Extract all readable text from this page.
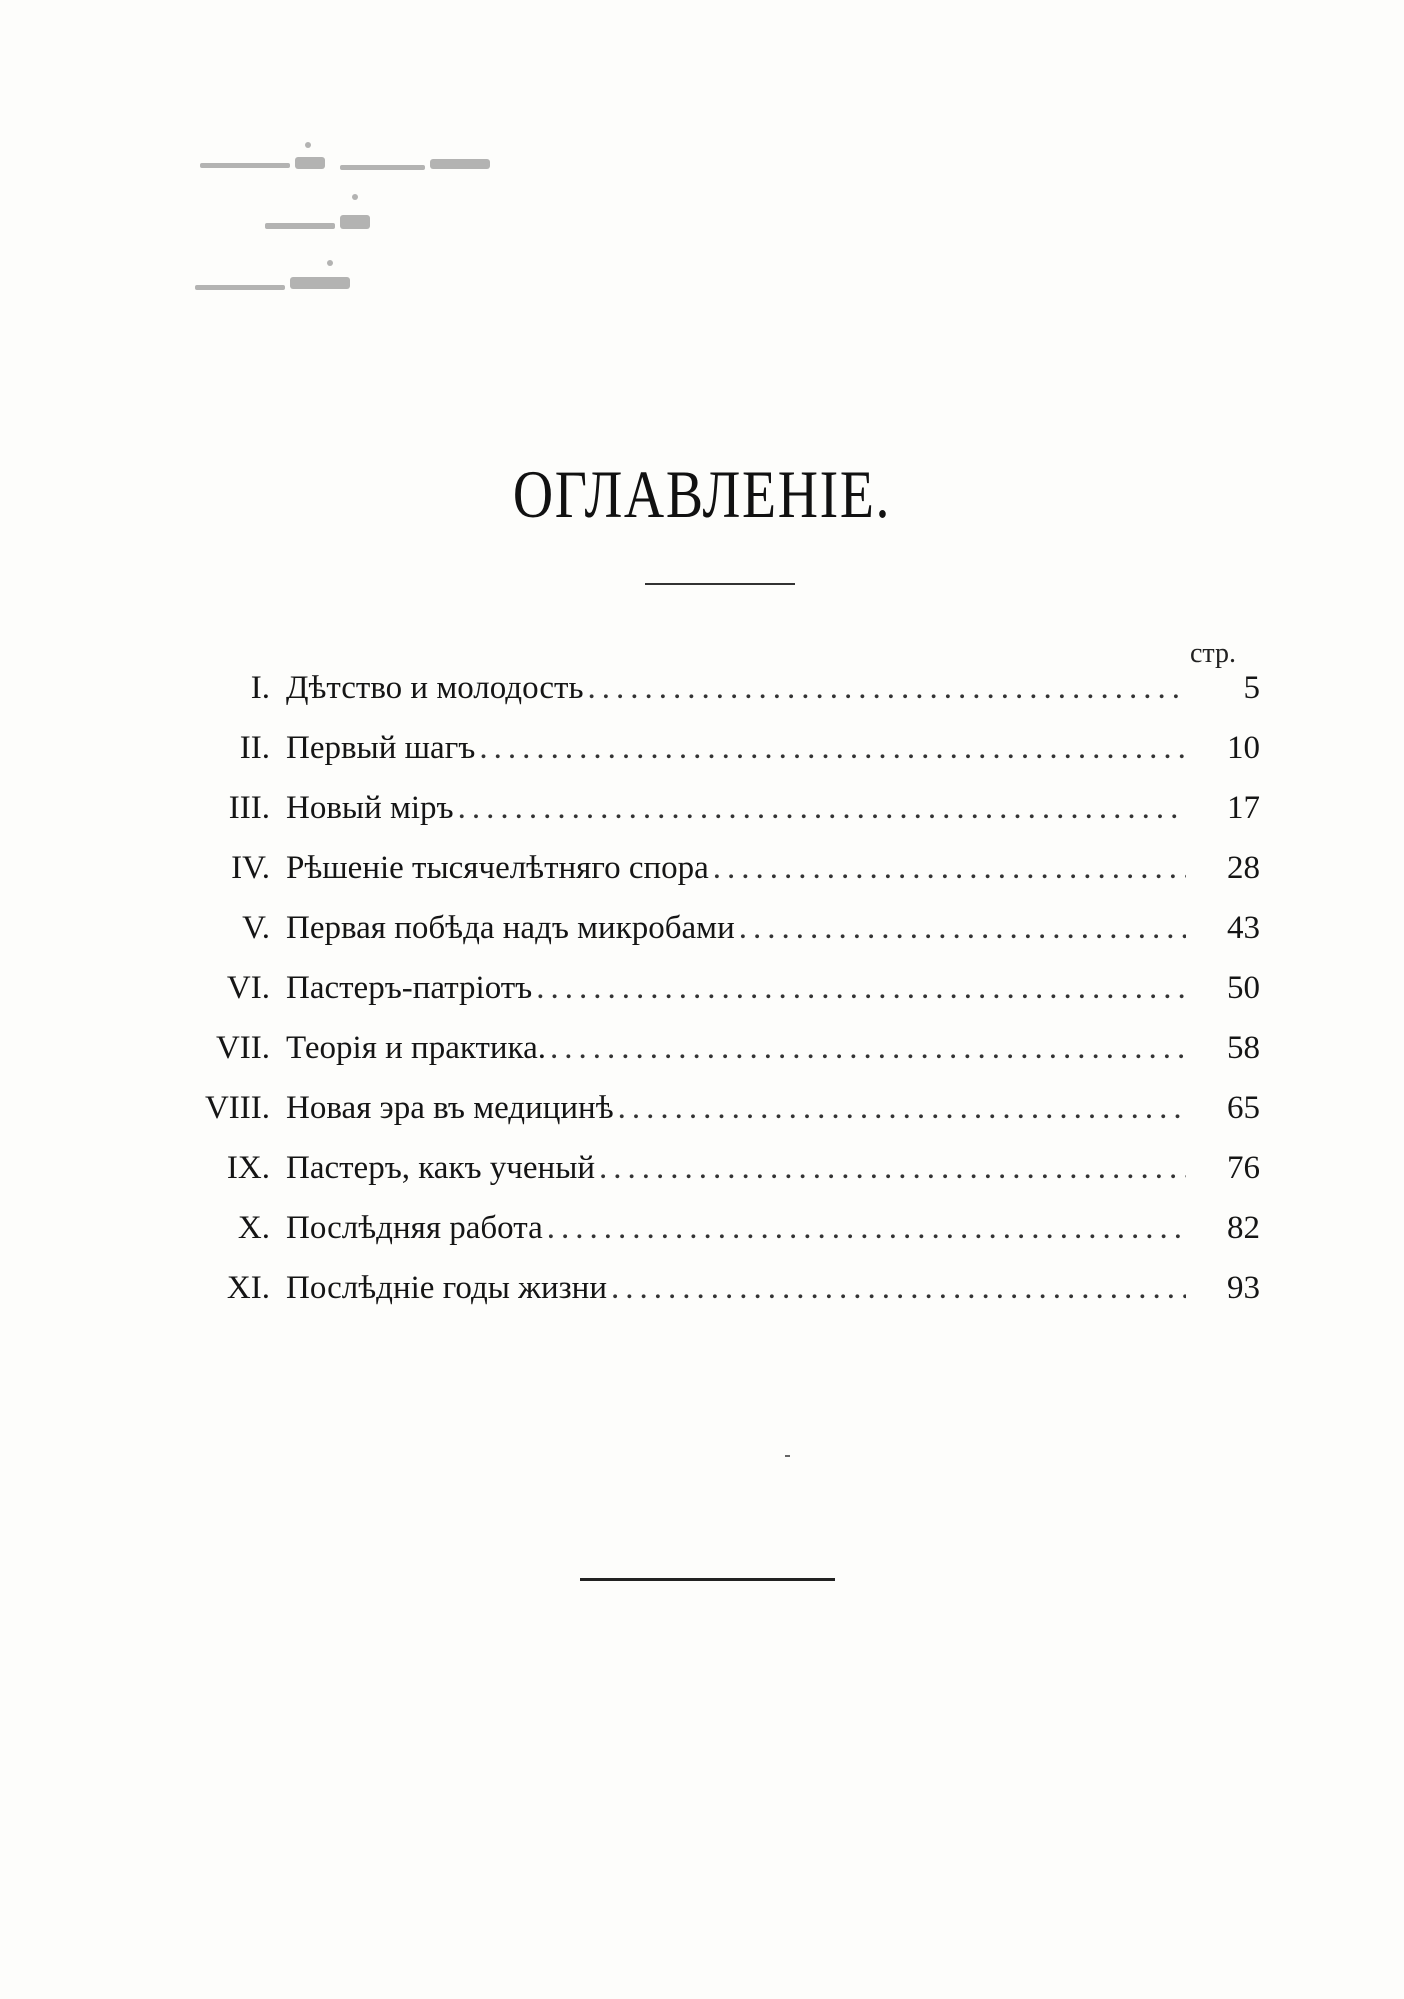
ОГЛАВЛЕНІЕ.
стр.
I. Дѣтство и молодость .....	5
II. Первый шагъ .....	10
III. Новый міръ .....	17
IV. Рѣшеніе тысячелѣтняго спора .....	28
V. Первая побѣда надъ микробами .....	43
VI. Пастеръ-патріотъ .....	50
VII. Теорія и практика. .....	58
VIII. Новая эра въ медицинѣ .....	65
IX. Пастеръ, какъ ученый .....	76
X. Послѣдняя работа .....	82
XI. Послѣдніе годы жизни .....	93
